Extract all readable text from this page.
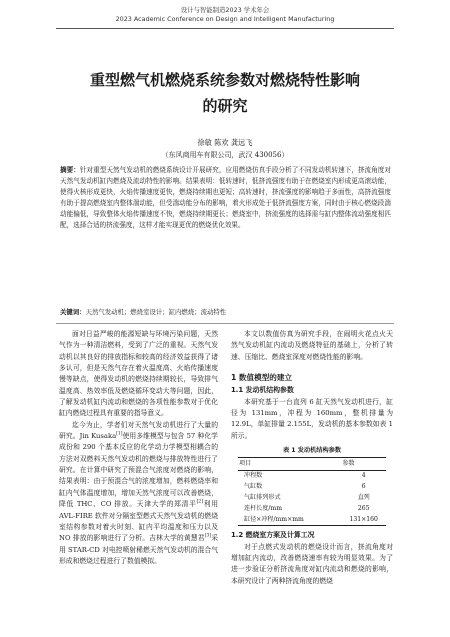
设计与智能制造2023 学术年会
2023 Academic Conference on Design and Intelligent Manufacturing
重型燃气机燃烧系统参数对燃烧特性影响
的研究
徐敏 陈欢 龚远飞
（东风商用车有限公司，武汉 430056）
摘要：针对重型天然气发动机的燃烧系统设计开展研究，应用燃烧仿真手段分析了不同发动机转速下，挤流角度对天然气发动机缸内燃烧及流动特性的影响。结果表明：低转速时，低挤流强度有助于在燃烧室内形成更高滚动能，使得火核形成更快，火焰传播速度更快，燃烧持续期也更短；高转速时，挤流强度的影响趋于多面性，高挤流强度有助于提高燃烧室内整体湍动能，但受湍动能分布的影响，着火形成处于低挤流强度方案，同时由于核心燃烧段湍动能偏低，导致整体火焰传播速度不快，燃烧持续期更长；燃烧室中，挤流强度的选择需与缸内整体流动强度相匹配，选择合适的挤流强度，这样才能实现更优的燃烧优化效果。
关键词：天然气发动机；燃烧室设计；缸内燃烧；流动特性

面对日益严峻的能源短缺与环境污染问题，天然气作为一种清洁燃料，受到了广泛的重视。天然气发动机以其良好的排放指标和较高的经济效益获得了诸多认可，但是天然气存在着火温度高、火焰传播速度慢等缺点，使得发动机的燃烧持续期较长，导致排气温度高、热效率低及燃烧循环变动大等问题，因此，了解发动机缸内流动和燃烧的各项性能参数对于优化缸内燃烧过程具有重要的指导意义。

迄今为止，学者们对天然气发动机进行了大量的研究。Jin Kusaka[1]使用多维模型与包含 57 种化学成份和 290 个基本反应的化学动力学模型相耦合的方法对双燃料天然气发动机的燃烧与排放特性进行了研究。在计算中研究了预混合气浓度对燃烧的影响，结果表明：由于预混合气的浓度增加，燃料燃烧率和缸内气体温度增加，增加天然气浓度可以改善燃烧，降低 THC、CO 排放。天津大学的郑清平[2]利用 AVL-FIRE 软件对分隔室型燃式天然气发动机的燃烧室结构参数对着火时刻、缸内平均温度和压力以及 NO 排放的影响进行了分析。吉林大学的黄慧君[3]采用 STAR-CD 对电控喷射稀燃天然气发动机的混合气形成和燃烧过程进行了数值模拟。

本文以数值仿真为研究手段，在闹明火花点火天然气发动机缸内流动及燃烧特征的基础上，分析了转速、压缩比、燃烧室深度对燃烧性能的影响。

1 数值模型的建立
1.1 发动机结构参数

本研究基于一台直列 6 缸天然气发动机进行，缸径为 131mm，冲程为 160mm，整机排量为 12.9L，单缸排量 2.155L，发动机的基本参数如表 1 所示。

表 1 发动机结构参数
项目	参数
冲程数	4
气缸数	6
气缸排列形式	直列
连杆长度/mm	265
缸径×冲程/mm×mm	131×160
1.2 燃烧室方案及计算工况

对于点燃式发动机的燃烧设计而言，挤流角度对增加缸内流动，改善燃烧速率有较为明显效果。为了进一步验证分析挤流角度对缸内流动和燃烧的影响，本研究设计了两种挤流角度的燃烧
